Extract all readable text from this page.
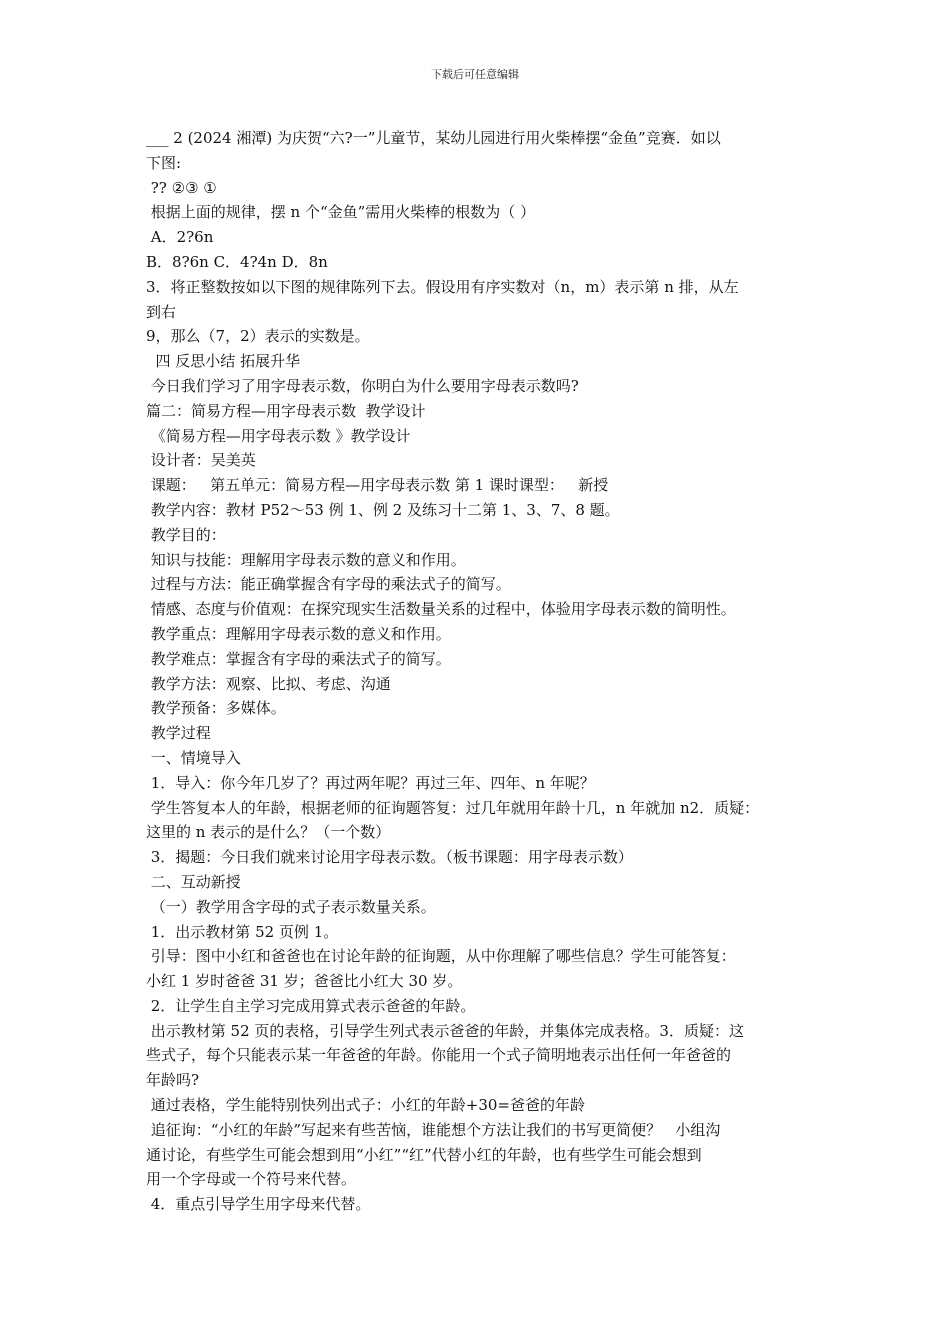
下载后可任意编辑
___ 2 (2024 湘潭) 为庆贺“六?一”儿童节，某幼儿园进行用火柴棒摆“金鱼”竞赛．如以
下图:
?? ②③ ①
根据上面的规律，摆 n 个“金鱼”需用火柴棒的根数为（ ）
A．2?6n
B．8?6n C．4?4n D．8n
3．将正整数按如以下图的规律陈列下去。假设用有序实数对（n，m）表示第 n 排，从左
到右
9，那么（7，2）表示的实数是。
四 反思小结 拓展升华
今日我们学习了用字母表示数，你明白为什么要用字母表示数吗?
篇二：简易方程—用字母表示数  教学设计
《简易方程—用字母表示数 》教学设计
设计者：吴美英
课题：   第五单元：简易方程—用字母表示数 第 1 课时课型：   新授
教学内容：教材 P52～53 例 1、例 2 及练习十二第 1、3、7、8 题。
教学目的：
知识与技能：理解用字母表示数的意义和作用。
过程与方法：能正确掌握含有字母的乘法式子的简写。
情感、态度与价值观：在探究现实生活数量关系的过程中，体验用字母表示数的简明性。
教学重点：理解用字母表示数的意义和作用。
教学难点：掌握含有字母的乘法式子的简写。
教学方法：观察、比拟、考虑、沟通
教学预备：多媒体。
教学过程
一、情境导入
1．导入：你今年几岁了？再过两年呢？再过三年、四年、n 年呢？
学生答复本人的年龄，根据老师的征询题答复：过几年就用年龄十几，n 年就加 n2．质疑：
这里的 n 表示的是什么？（一个数）
3．揭题：今日我们就来讨论用字母表示数。（板书课题：用字母表示数）
二、互动新授
（一）教学用含字母的式子表示数量关系。
1．出示教材第 52 页例 1。
引导：图中小红和爸爸也在讨论年龄的征询题，从中你理解了哪些信息？学生可能答复：
小红 1 岁时爸爸 31 岁；爸爸比小红大 30 岁。
2．让学生自主学习完成用算式表示爸爸的年龄。
出示教材第 52 页的表格，引导学生列式表示爸爸的年龄，并集体完成表格。3．质疑：这
些式子，每个只能表示某一年爸爸的年龄。你能用一个式子简明地表示出任何一年爸爸的
年龄吗?
通过表格，学生能特别快列出式子：小红的年龄+30=爸爸的年龄
追征询：“小红的年龄”写起来有些苦恼，谁能想个方法让我们的书写更简便？   小组沟
通讨论，有些学生可能会想到用“小红”“红”代替小红的年龄，也有些学生可能会想到
用一个字母或一个符号来代替。
4．重点引导学生用字母来代替。
